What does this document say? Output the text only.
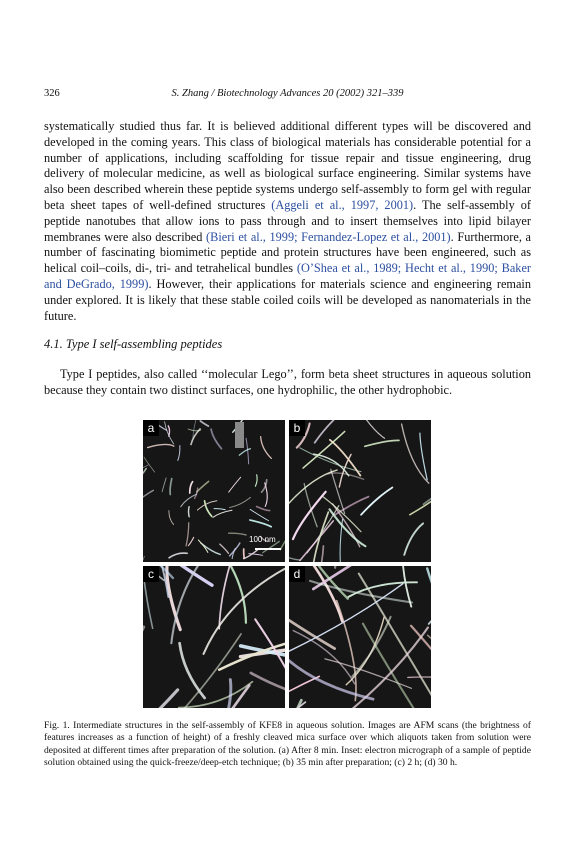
326	S. Zhang / Biotechnology Advances 20 (2002) 321–339

systematically studied thus far. It is believed additional different types will be discovered and developed in the coming years. This class of biological materials has considerable potential for a number of applications, including scaffolding for tissue repair and tissue engineering, drug delivery of molecular medicine, as well as biological surface engineering. Similar systems have also been described wherein these peptide systems undergo self-assembly to form gel with regular beta sheet tapes of well-defined structures (Aggeli et al., 1997, 2001). The self-assembly of peptide nanotubes that allow ions to pass through and to insert themselves into lipid bilayer membranes were also described (Bieri et al., 1999; Fernandez-Lopez et al., 2001). Furthermore, a number of fascinating biomimetic peptide and protein structures have been engineered, such as helical coil–coils, di-, tri- and tetrahelical bundles (O’Shea et al., 1989; Hecht et al., 1990; Baker and DeGrado, 1999). However, their applications for materials science and engineering remain under explored. It is likely that these stable coiled coils will be developed as nanomaterials in the future.

4.1. Type I self-assembling peptides

Type I peptides, also called ‘‘molecular Lego’’, form beta sheet structures in aqueous solution because they contain two distinct surfaces, one hydrophilic, the other hydrophobic.

a
100 nm
b
c	d

Fig. 1. Intermediate structures in the self-assembly of KFE8 in aqueous solution. Images are AFM scans (the brightness of features increases as a function of height) of a freshly cleaved mica surface over which aliquots taken from solution were deposited at different times after preparation of the solution. (a) After 8 min. Inset: electron micrograph of a sample of peptide solution obtained using the quick-freeze/deep-etch technique; (b) 35 min after preparation; (c) 2 h; (d) 30 h.
